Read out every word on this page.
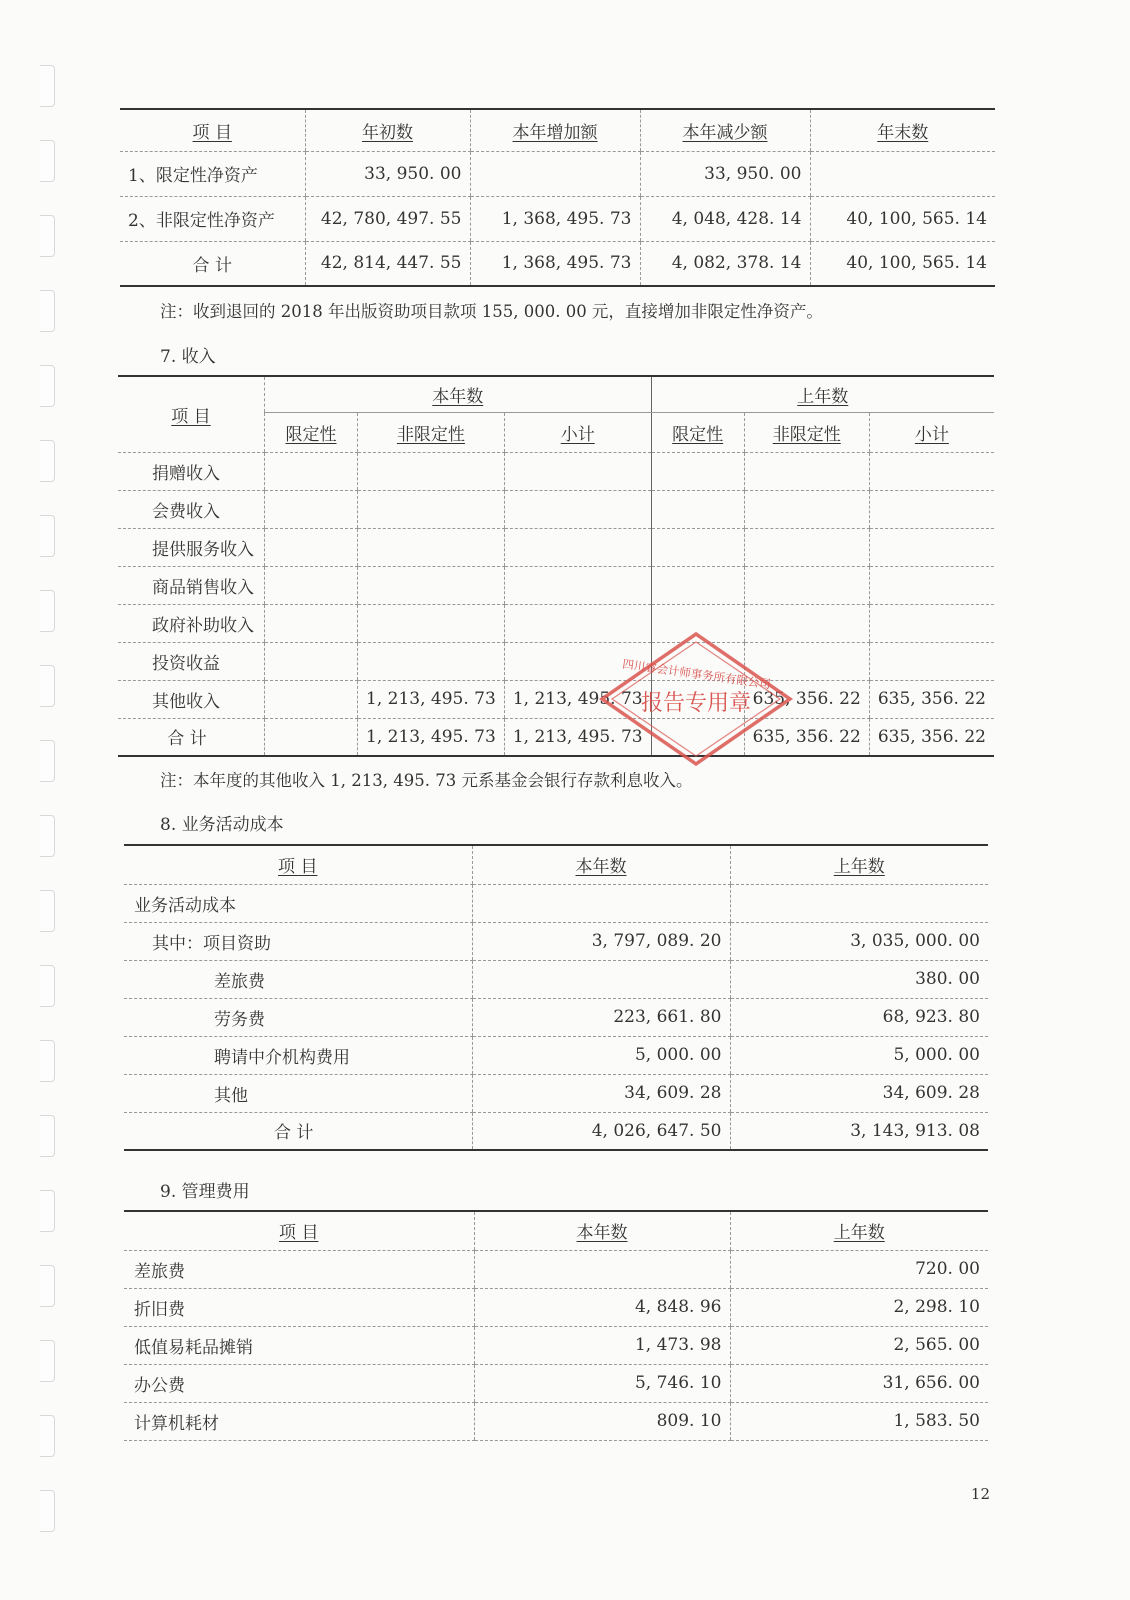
项 目	年初数	本年增加额	本年减少额	年末数
1、限定性净资产	33, 950. 00		33, 950. 00	
2、非限定性净资产	42, 780, 497. 55	1, 368, 495. 73	4, 048, 428. 14	40, 100, 565. 14
合 计	42, 814, 447. 55	1, 368, 495. 73	4, 082, 378. 14	40, 100, 565. 14
注：收到退回的 2018 年出版资助项目款项 155, 000. 00 元，直接增加非限定性净资产。
7. 收入
项 目	本年数			上年数		
	限定性	非限定性	小计	限定性	非限定性	小计
捐赠收入						
会费收入						
提供服务收入						
商品销售收入						
政府补助收入						
投资收益						
其他收入		1, 213, 495. 73	1, 213, 495. 73		635, 356. 22	635, 356. 22
合 计		1, 213, 495. 73	1, 213, 495. 73		635, 356. 22	635, 356. 22
注：本年度的其他收入 1, 213, 495. 73 元系基金会银行存款利息收入。
8. 业务活动成本
项 目	本年数	上年数
业务活动成本		
其中：项目资助	3, 797, 089. 20	3, 035, 000. 00
差旅费		380. 00
劳务费	223, 661. 80	68, 923. 80
聘请中介机构费用	5, 000. 00	5, 000. 00
其他	34, 609. 28	34, 609. 28
合 计	4, 026, 647. 50	3, 143, 913. 08
9. 管理费用
项 目	本年数	上年数
差旅费		720. 00
折旧费	4, 848. 96	2, 298. 10
低值易耗品摊销	1, 473. 98	2, 565. 00
办公费	5, 746. 10	31, 656. 00
计算机耗材	809. 10	1, 583. 50
四川睿会计师事务所有限公司
报告专用章
12
